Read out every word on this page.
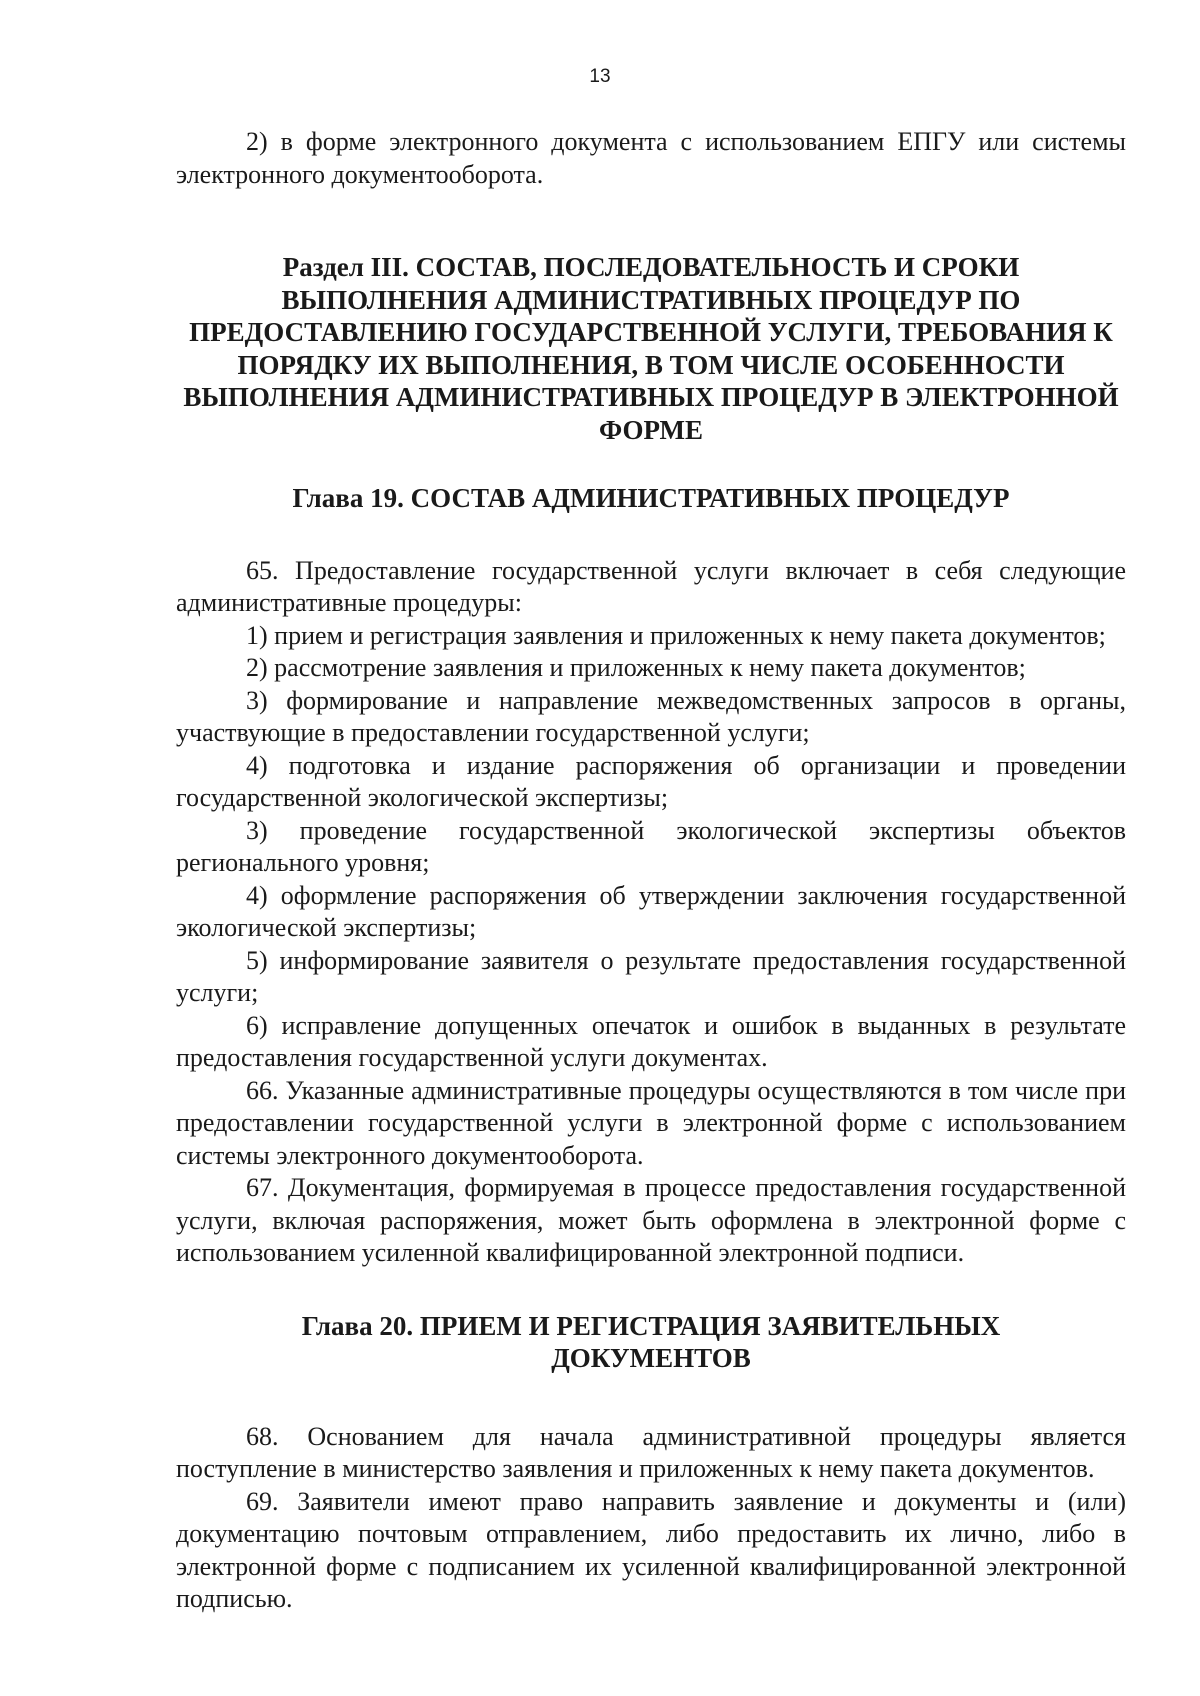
13

2) в форме электронного документа с использованием ЕПГУ или системы электронного документооборота.

Раздел III. СОСТАВ, ПОСЛЕДОВАТЕЛЬНОСТЬ И СРОКИ
ВЫПОЛНЕНИЯ АДМИНИСТРАТИВНЫХ ПРОЦЕДУР ПО
ПРЕДОСТАВЛЕНИЮ ГОСУДАРСТВЕННОЙ УСЛУГИ, ТРЕБОВАНИЯ К
ПОРЯДКУ ИХ ВЫПОЛНЕНИЯ, В ТОМ ЧИСЛЕ ОСОБЕННОСТИ
ВЫПОЛНЕНИЯ АДМИНИСТРАТИВНЫХ ПРОЦЕДУР В ЭЛЕКТРОННОЙ
ФОРМЕ
Глава 19. СОСТАВ АДМИНИСТРАТИВНЫХ ПРОЦЕДУР

65. Предоставление государственной услуги включает в себя следующие административные процедуры:

1) прием и регистрация заявления и приложенных к нему пакета документов;

2) рассмотрение заявления и приложенных к нему пакета документов;

3) формирование и направление межведомственных запросов в органы, участвующие в предоставлении государственной услуги;

4) подготовка и издание распоряжения об организации и проведении государственной экологической экспертизы;

3) проведение государственной экологической экспертизы объектов регионального уровня;

4) оформление распоряжения об утверждении заключения государственной экологической экспертизы;

5) информирование заявителя о результате предоставления государственной услуги;

6) исправление допущенных опечаток и ошибок в выданных в результате предоставления государственной услуги документах.

66. Указанные административные процедуры осуществляются в том числе при предоставлении государственной услуги в электронной форме с использованием системы электронного документооборота.

67. Документация, формируемая в процессе предоставления государственной услуги, включая распоряжения, может быть оформлена в электронной форме с использованием усиленной квалифицированной электронной подписи.

Глава 20. ПРИЕМ И РЕГИСТРАЦИЯ ЗАЯВИТЕЛЬНЫХ
ДОКУМЕНТОВ

68. Основанием для начала административной процедуры является поступление в министерство заявления и приложенных к нему пакета документов.

69. Заявители имеют право направить заявление и документы и (или) документацию почтовым отправлением, либо предоставить их лично, либо в электронной форме с подписанием их усиленной квалифицированной электронной подписью.
